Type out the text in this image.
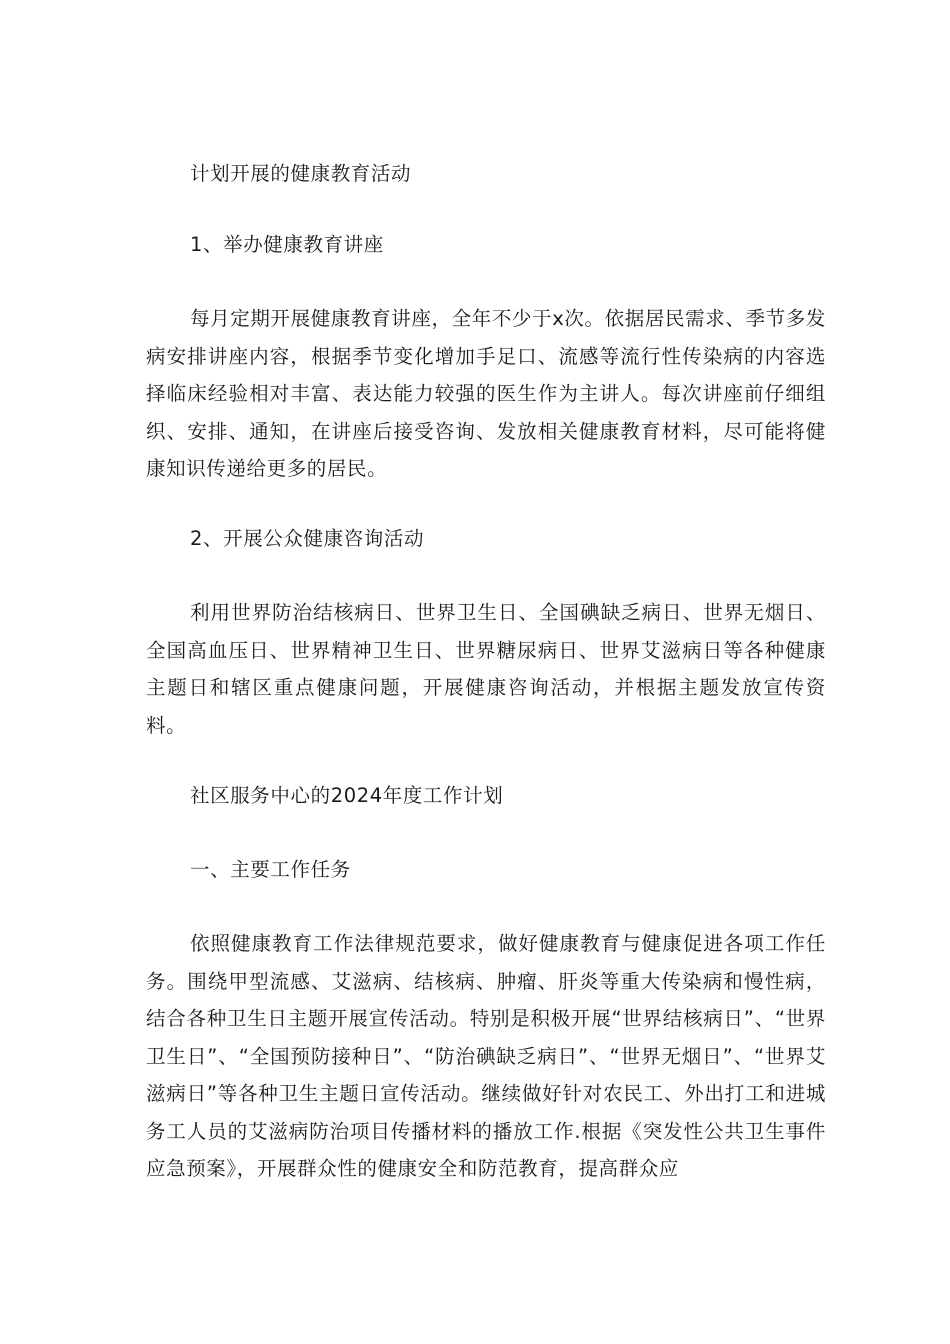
计划开展的健康教育活动
1、举办健康教育讲座
每月定期开展健康教育讲座，全年不少于x次。依据居民需求、季节多发病安排讲座内容，根据季节变化增加手足口、流感等流行性传染病的内容选择临床经验相对丰富、表达能力较强的医生作为主讲人。每次讲座前仔细组织、安排、通知，在讲座后接受咨询、发放相关健康教育材料，尽可能将健康知识传递给更多的居民。
2、开展公众健康咨询活动
利用世界防治结核病日、世界卫生日、全国碘缺乏病日、世界无烟日、全国高血压日、世界精神卫生日、世界糖尿病日、世界艾滋病日等各种健康主题日和辖区重点健康问题，开展健康咨询活动，并根据主题发放宣传资料。
社区服务中心的2024年度工作计划
一、主要工作任务
依照健康教育工作法律规范要求，做好健康教育与健康促进各项工作任务。围绕甲型流感、艾滋病、结核病、肿瘤、肝炎等重大传染病和慢性病，结合各种卫生日主题开展宣传活动。特别是积极开展“世界结核病日”、“世界卫生日”、“全国预防接种日”、“防治碘缺乏病日”、“世界无烟日”、“世界艾滋病日”等各种卫生主题日宣传活动。继续做好针对农民工、外出打工和进城务工人员的艾滋病防治项目传播材料的播放工作.根据《突发性公共卫生事件应急预案》，开展群众性的健康安全和防范教育，提高群众应
